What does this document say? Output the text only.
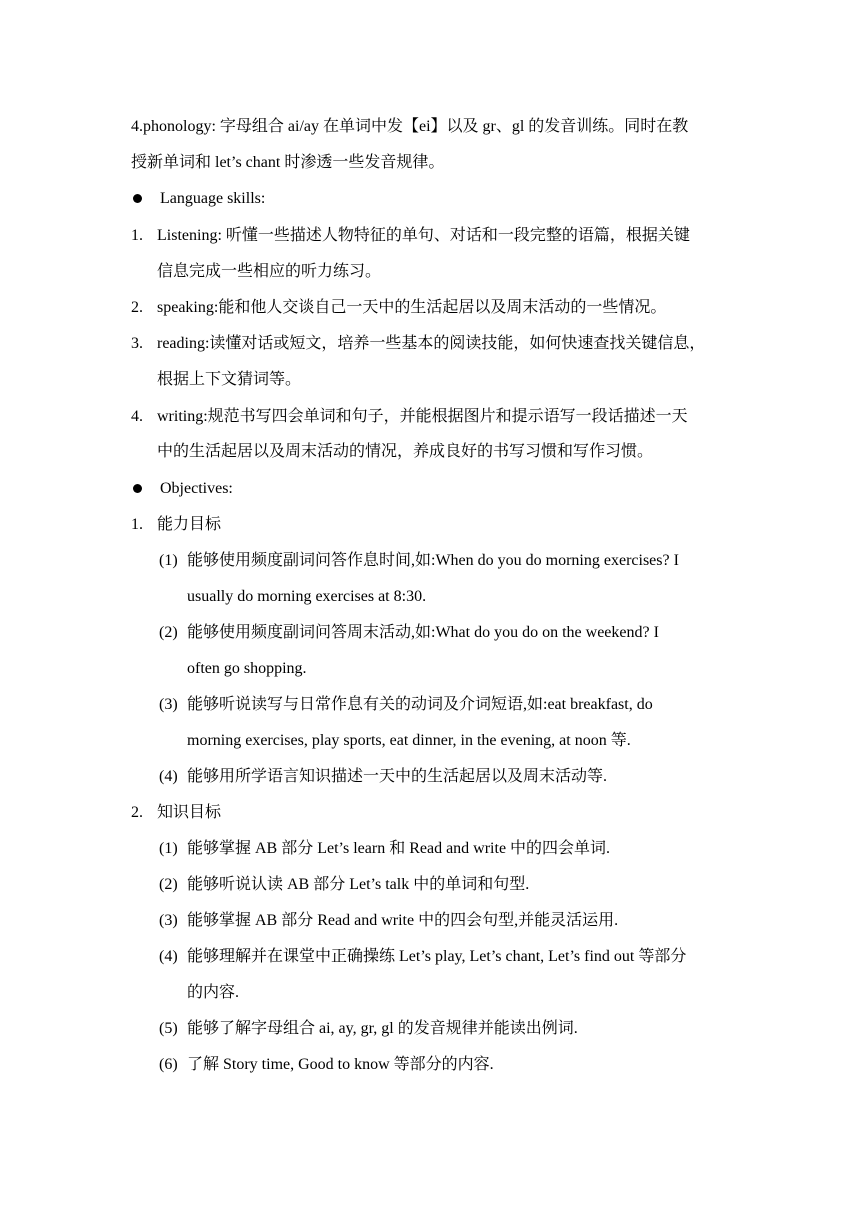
4.phonology: 字母组合 ai/ay 在单词中发【ei】以及 gr、gl 的发音训练。同时在教
授新单词和 let’s chant 时渗透一些发音规律。
Language skills:
1. Listening: 听懂一些描述人物特征的单句、对话和一段完整的语篇，根据关键
信息完成一些相应的听力练习。
2. speaking:能和他人交谈自己一天中的生活起居以及周末活动的一些情况。
3. reading:读懂对话或短文，培养一些基本的阅读技能，如何快速查找关键信息，
根据上下文猜词等。
4. writing:规范书写四会单词和句子，并能根据图片和提示语写一段话描述一天
中的生活起居以及周末活动的情况，养成良好的书写习惯和写作习惯。
Objectives:
1. 能力目标
(1) 能够使用频度副词问答作息时间,如:When do you do morning exercises? I
usually do morning exercises at 8:30.
(2) 能够使用频度副词问答周末活动,如:What do you do on the weekend? I
often go shopping.
(3) 能够听说读写与日常作息有关的动词及介词短语,如:eat breakfast, do
morning exercises, play sports, eat dinner, in the evening, at noon 等.
(4) 能够用所学语言知识描述一天中的生活起居以及周末活动等.
2. 知识目标
(1) 能够掌握 AB 部分 Let’s learn 和 Read and write 中的四会单词.
(2) 能够听说认读 AB 部分 Let’s talk 中的单词和句型.
(3) 能够掌握 AB 部分 Read and write 中的四会句型,并能灵活运用.
(4) 能够理解并在课堂中正确操练 Let’s play, Let’s chant, Let’s find out 等部分
的内容.
(5) 能够了解字母组合 ai, ay, gr, gl 的发音规律并能读出例词.
(6) 了解 Story time, Good to know 等部分的内容.
